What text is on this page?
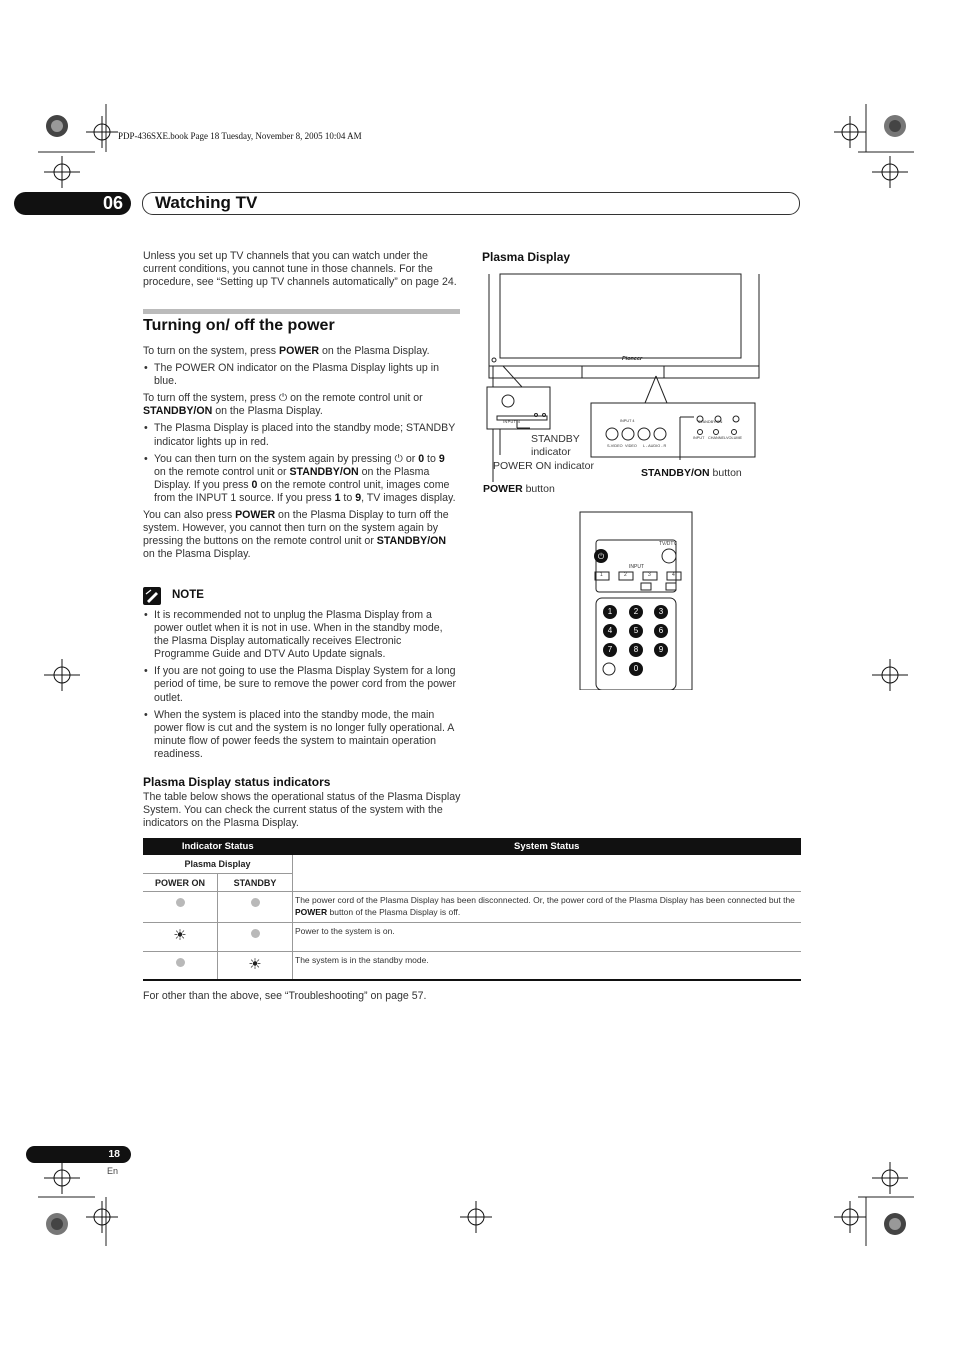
PDP-436SXE.book Page 18 Tuesday, November 8, 2005 10:04 AM
06 Watching TV
Unless you set up TV channels that you can watch under the current conditions, you cannot tune in those channels. For the procedure, see “Setting up TV channels automatically” on page 24.
Turning on/ off the power
To turn on the system, press POWER on the Plasma Display.
• The POWER ON indicator on the Plasma Display lights up in blue.
To turn off the system, press ⏻ on the remote control unit or STANDBY/ON on the Plasma Display.
• The Plasma Display is placed into the standby mode; STANDBY indicator lights up in red.
• You can then turn on the system again by pressing ⏻ or 0 to 9 on the remote control unit or STANDBY/ON on the Plasma Display. If you press 0 on the remote control unit, images come from the INPUT 1 source. If you press 1 to 9, TV images display.
You can also press POWER on the Plasma Display to turn off the system. However, you cannot then turn on the system again by pressing the buttons on the remote control unit or STANDBY/ON on the Plasma Display.
NOTE
• It is recommended not to unplug the Plasma Display from a power outlet when it is not in use. When in the standby mode, the Plasma Display automatically receives Electronic Programme Guide and DTV Auto Update signals.
• If you are not going to use the Plasma Display System for a long period of time, be sure to remove the power cord from the power outlet.
• When the system is placed into the standby mode, the main power flow is cut and the system is no longer fully operational. A minute flow of power feeds the system to maintain operation readiness.
Plasma Display status indicators
The table below shows the operational status of the Plasma Display System. You can check the current status of the system with the indicators on the Plasma Display.
Plasma Display
⏻
Pioneer
INPUT 4	INPUT 4	STANDBY/ON
S-VIDEO VIDEO L - AUDIO - R
INPUT CHANNEL VOLUME
STANDBY indicator
POWER ON indicator
POWER button
STANDBY/ON button
TV/DTV
INPUT
1	2	3	4
1	2	3
4	5	6
7	8	9
0
Indicator Status		System Status
Plasma Display		
POWER ON	STANDBY	
		The power cord of the Plasma Display has been disconnected. Or, the power cord of the Plasma Display has been connected but the POWER button of the Plasma Display is off.
☀		Power to the system is on.
	☀	The system is in the standby mode.
For other than the above, see “Troubleshooting” on page 57.
18
En
